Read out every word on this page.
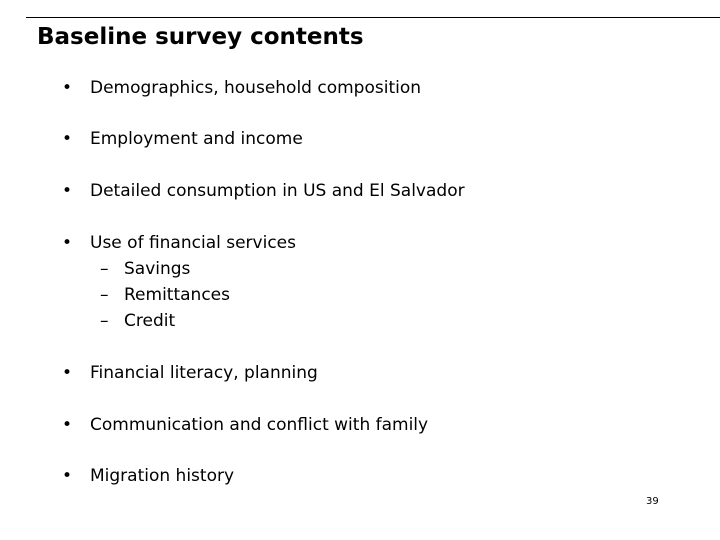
Baseline survey contents
• Demographics, household composition
• Employment and income
• Detailed consumption in US and El Salvador
• Use of financial services
– Savings
– Remittances
– Credit
• Financial literacy, planning
• Communication and conflict with family
• Migration history
39
